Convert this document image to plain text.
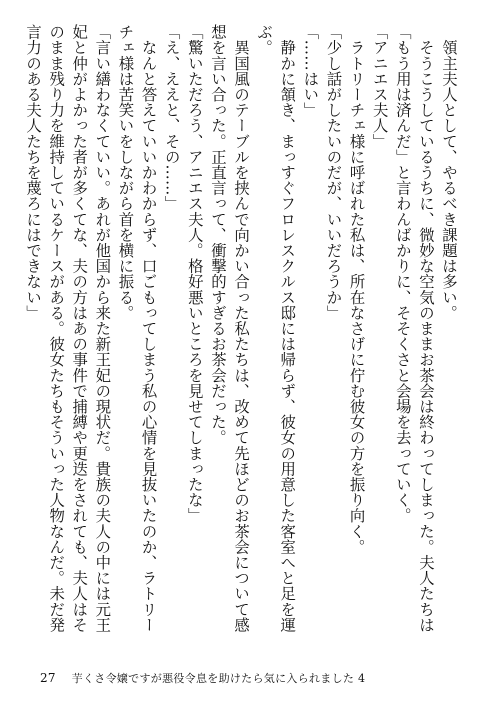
　領主夫人として、やるべき課題は多い。

　そうこうしているうちに、微妙な空気のままお茶会は終わってしまった。夫人たちは「もう用は済んだ」と言わんばかりに、そそくさと会場を去っていく。

「アニエス夫人」

　ラトリーチェ様に呼ばれた私は、所在なさげに佇む彼女の方を振り向く。

「少し話がしたいのだが、いいだろうか」

「……はい」

　静かに頷き、まっすぐフロレスクルス邸には帰らず、彼女の用意した客室へと足を運ぶ。

　異国風のテーブルを挟んで向かい合った私たちは、改めて先ほどのお茶会について感想を言い合った。正直言って、衝撃的すぎるお茶会だった。

「驚いただろう、アニエス夫人。格好悪いところを見せてしまったな」

「え、ええと、その……」

　なんと答えていいかわからず、口ごもってしまう私の心情を見抜いたのか、ラトリーチェ様は苦笑いをしながら首を横に振る。

「言い繕わなくていい。あれが他国から来た新王妃の現状だ。貴族の夫人の中には元王妃と仲がよかった者が多くてな、夫の方はあの事件で捕縛や更迭をされても、夫人はそのまま残り力を維持しているケースがある。彼女たちもそういった人物なんだ。未だ発言力のある夫人たちを蔑ろにはできない」

27 芋くさ令嬢ですが悪役令息を助けたら気に入られました 4
